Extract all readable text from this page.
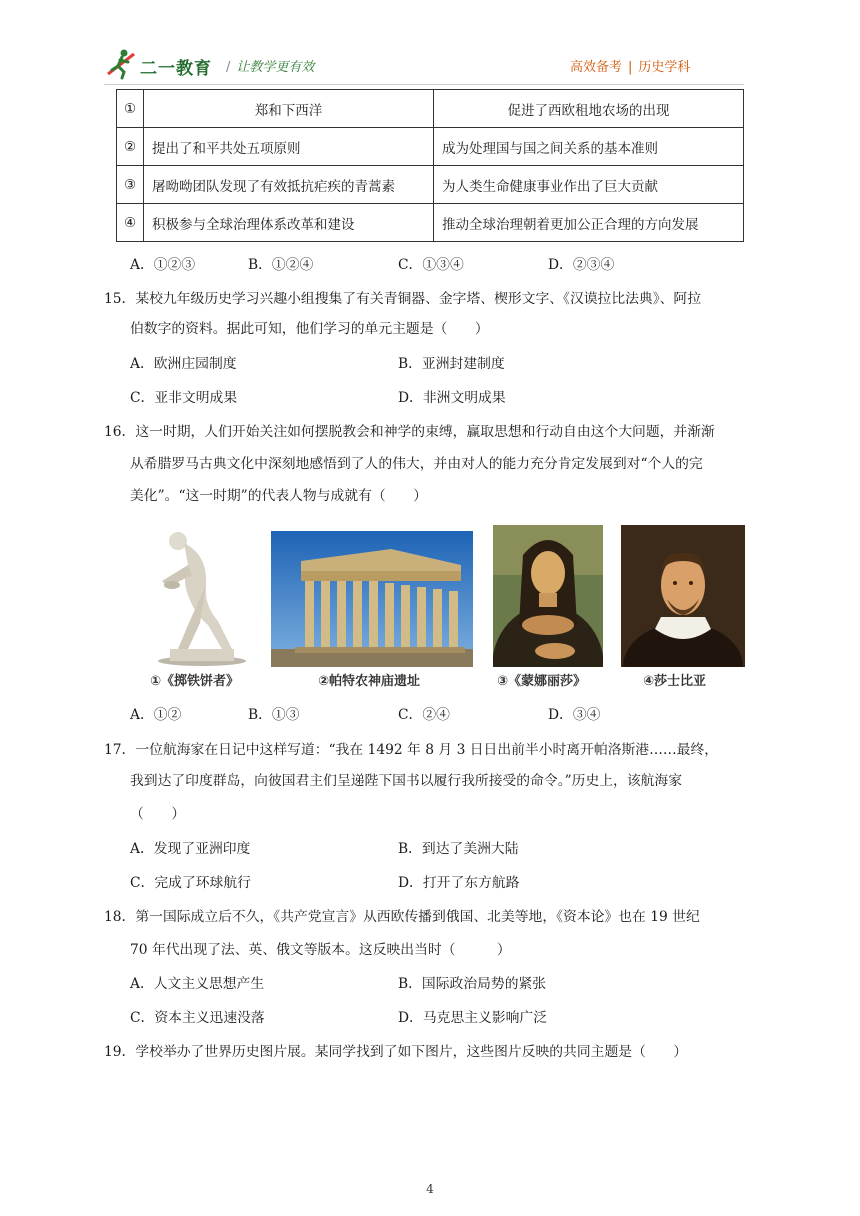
二一教育 / 让教学更有效	高效备考 | 历史学科
①	郑和下西洋	促进了西欧租地农场的出现
②	提出了和平共处五项原则	成为处理国与国之间关系的基本准则
③	屠呦呦团队发现了有效抵抗疟疾的青蒿素	为人类生命健康事业作出了巨大贡献
④	积极参与全球治理体系改革和建设	推动全球治理朝着更加公正合理的方向发展
A．①②③	B．①②④	C．①③④	D．②③④
15．某校九年级历史学习兴趣小组搜集了有关青铜器、金字塔、楔形文字、《汉谟拉比法典》、阿拉
伯数字的资料。据此可知，他们学习的单元主题是（　　）
A．欧洲庄园制度	B．亚洲封建制度
C．亚非文明成果	D．非洲文明成果
16．这一时期，人们开始关注如何摆脱教会和神学的束缚，赢取思想和行动自由这个大问题，并渐渐
从希腊罗马古典文化中深刻地感悟到了人的伟大，并由对人的能力充分肯定发展到对“个人的完
美化”。“这一时期”的代表人物与成就有（　　）
①《掷铁饼者》	②帕特农神庙遗址	③《蒙娜丽莎》	④莎士比亚
A．①②	B．①③	C．②④	D．③④
17．一位航海家在日记中这样写道：“我在 1492 年 8 月 3 日日出前半小时离开帕洛斯港……最终，
我到达了印度群岛，向彼国君主们呈递陛下国书以履行我所接受的命令。”历史上，该航海家
（　　）
A．发现了亚洲印度	B．到达了美洲大陆
C．完成了环球航行	D．打开了东方航路
18．第一国际成立后不久，《共产党宣言》从西欧传播到俄国、北美等地，《资本论》也在 19 世纪
70 年代出现了法、英、俄文等版本。这反映出当时（　　　）
A．人文主义思想产生	B．国际政治局势的紧张
C．资本主义迅速没落	D．马克思主义影响广泛
19．学校举办了世界历史图片展。某同学找到了如下图片，这些图片反映的共同主题是（　　）
4
